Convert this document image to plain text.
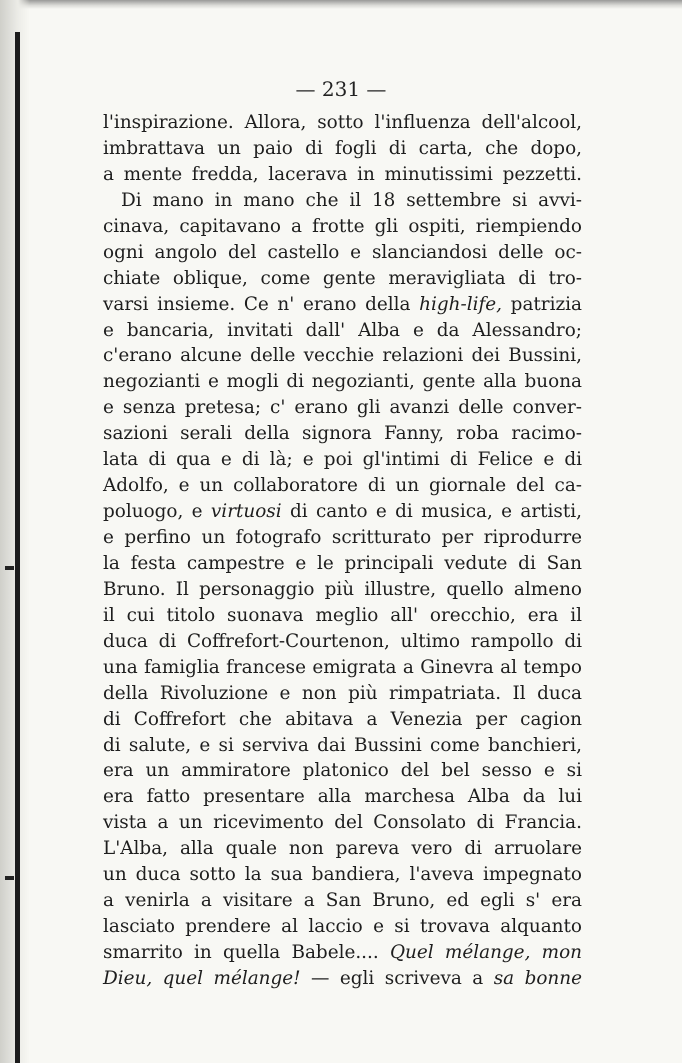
— 231 —
l'inspirazione. Allora, sotto l'influenza dell'alcool,
imbrattava un paio di fogli di carta, che dopo,
a mente fredda, lacerava in minutissimi pezzetti.
Di mano in mano che il 18 settembre si avvi-
cinava, capitavano a frotte gli ospiti, riempiendo
ogni angolo del castello e slanciandosi delle oc-
chiate oblique, come gente meravigliata di tro-
varsi insieme. Ce n' erano della high-life, patrizia
e bancaria, invitati dall' Alba e da Alessandro;
c'erano alcune delle vecchie relazioni dei Bussini,
negozianti e mogli di negozianti, gente alla buona
e senza pretesa; c' erano gli avanzi delle conver-
sazioni serali della signora Fanny, roba racimo-
lata di qua e di là; e poi gl'intimi di Felice e di
Adolfo, e un collaboratore di un giornale del ca-
poluogo, e virtuosi di canto e di musica, e artisti,
e perfino un fotografo scritturato per riprodurre
la festa campestre e le principali vedute di San
Bruno. Il personaggio più illustre, quello almeno
il cui titolo suonava meglio all' orecchio, era il
duca di Coffrefort-Courtenon, ultimo rampollo di
una famiglia francese emigrata a Ginevra al tempo
della Rivoluzione e non più rimpatriata. Il duca
di Coffrefort che abitava a Venezia per cagion
di salute, e si serviva dai Bussini come banchieri,
era un ammiratore platonico del bel sesso e si
era fatto presentare alla marchesa Alba da lui
vista a un ricevimento del Consolato di Francia.
L'Alba, alla quale non pareva vero di arruolare
un duca sotto la sua bandiera, l'aveva impegnato
a venirla a visitare a San Bruno, ed egli s' era
lasciato prendere al laccio e si trovava alquanto
smarrito in quella Babele.... Quel mélange, mon
Dieu, quel mélange! — egli scriveva a sa bonne
